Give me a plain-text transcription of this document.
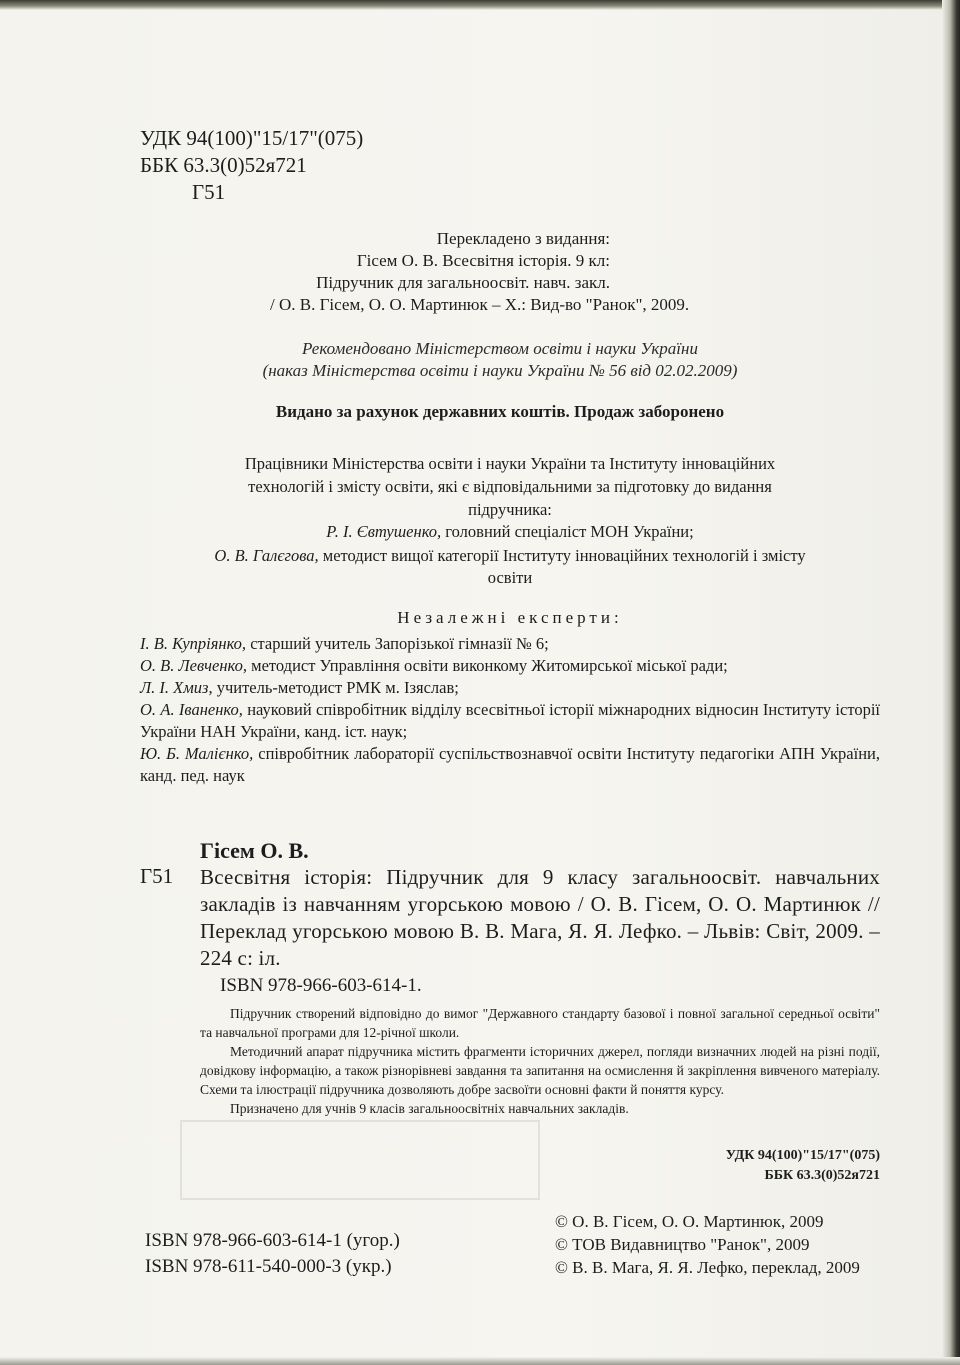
УДК 94(100)"15/17"(075)
ББК 63.3(0)52я721
Г51
Перекладено з видання:
Гісем О. В. Всесвітня історія. 9 кл:
Підручник для загальноосвіт. навч. закл.
/ О. В. Гісем, О. О. Мартинюк – Х.: Вид-во "Ранок", 2009.
Рекомендовано Міністерством освіти і науки України
(наказ Міністерства освіти і науки України № 56 від 02.02.2009)
Видано за рахунок державних коштів. Продаж заборонено
Працівники Міністерства освіти і науки України та Інституту інноваційних
технологій і змісту освіти, які є відповідальними за підготовку до видання
підручника:
Р. І. Євтушенко, головний спеціаліст МОН України;
О. В. Галєгова, методист вищої категорії Інституту інноваційних технологій і змісту
освіти
Незалежні експерти:
І. В. Купріянко, старший учитель Запорізької гімназії № 6;
О. В. Левченко, методист Управління освіти виконкому Житомирської міської ради;
Л. І. Хмиз, учитель-методист РМК м. Ізяслав;
О. А. Іваненко, науковий співробітник відділу всесвітньої історії міжнародних відносин Інституту історії України НАН України, канд. іст. наук;
Ю. Б. Малієнко, співробітник лабораторії суспільствознавчої освіти Інституту педагогіки АПН України, канд. пед. наук
Гісем О. В.
Г51 Всесвітня історія: Підручник для 9 класу загальноосвіт. навчальних закладів із навчанням угорською мовою / О. В. Гісем, О. О. Мартинюк // Переклад угорською мовою В. В. Мага, Я. Я. Лефко. – Львів: Світ, 2009. – 224 с: іл.
ISBN 978-966-603-614-1.
Підручник створений відповідно до вимог "Державного стандарту базової і повної загальної середньої освіти" та навчальної програми для 12-річної школи.
Методичний апарат підручника містить фрагменти історичних джерел, погляди визначних людей на різні події, довідкову інформацію, а також різнорівневі завдання та запитання на осмислення й закріплення вивченого матеріалу. Схеми та ілюстрації підручника дозволяють добре засвоїти основні факти й поняття курсу.
Призначено для учнів 9 класів загальноосвітніх навчальних закладів.
УДК 94(100)"15/17"(075)
ББК 63.3(0)52я721
ISBN 978-966-603-614-1 (угор.)
ISBN 978-611-540-000-3 (укр.)
© О. В. Гісем, О. О. Мартинюк, 2009
© ТОВ Видавництво "Ранок", 2009
© В. В. Мага, Я. Я. Лефко, переклад, 2009
